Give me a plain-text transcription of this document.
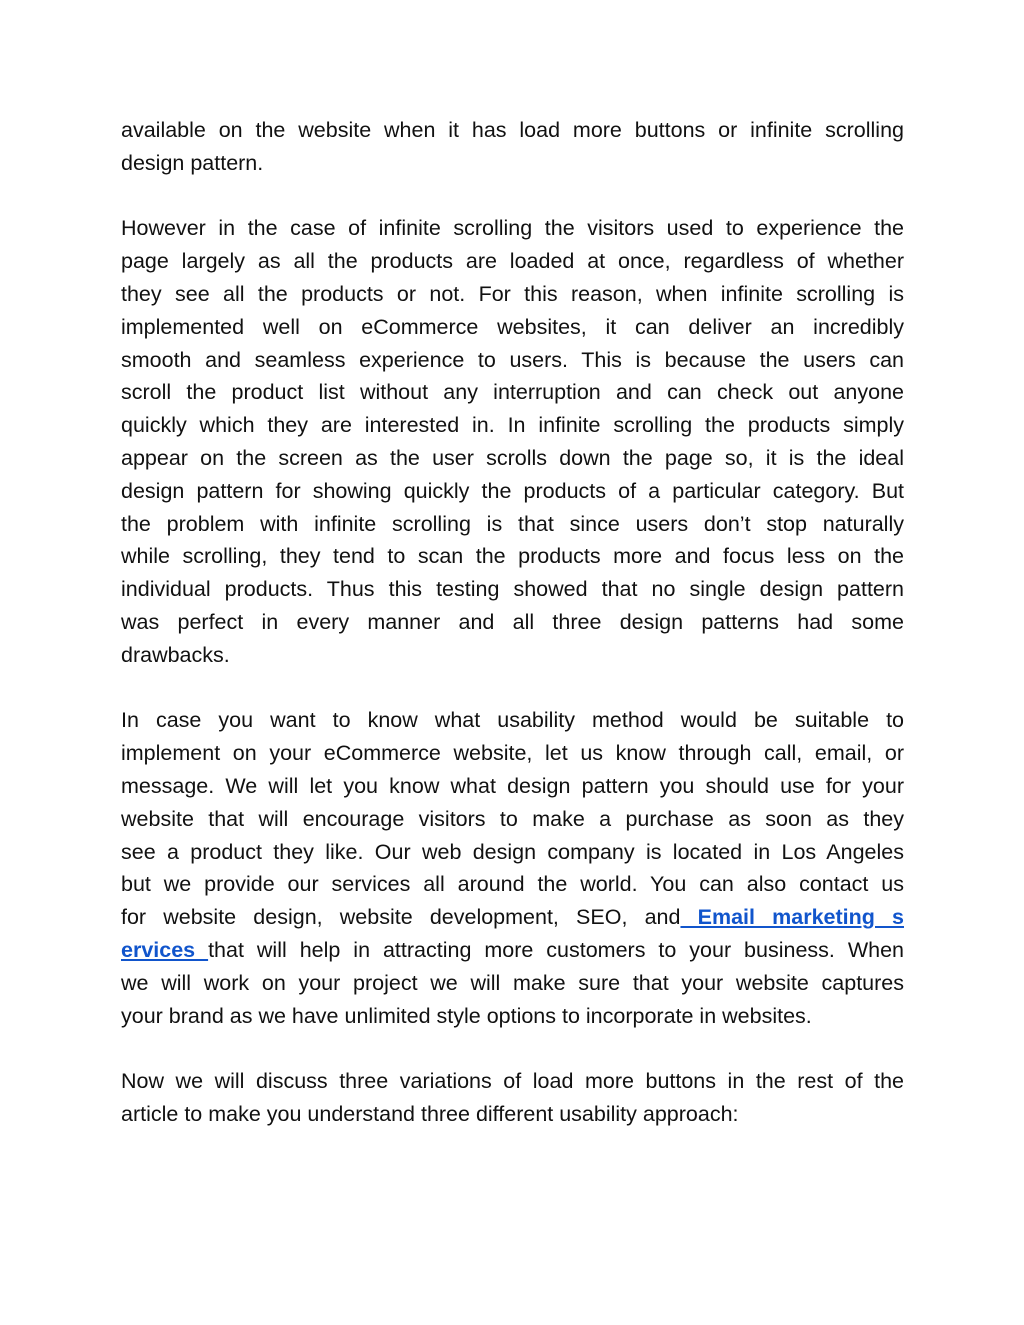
available on the website when it has load more buttons or infinite scrolling
design pattern.
However in the case of infinite scrolling the visitors used to experience the
page largely as all the products are loaded at once, regardless of whether
they see all the products or not. For this reason, when infinite scrolling is
implemented well on eCommerce websites, it can deliver an incredibly
smooth and seamless experience to users. This is because the users can
scroll the product list without any interruption and can check out anyone
quickly which they are interested in. In infinite scrolling the products simply
appear on the screen as the user scrolls down the page so, it is the ideal
design pattern for showing quickly the products of a particular category. But
the problem with infinite scrolling is that since users don’t stop naturally
while scrolling, they tend to scan the products more and focus less on the
individual products. Thus this testing showed that no single design pattern
was perfect in every manner and all three design patterns had some
drawbacks.
In case you want to know what usability method would be suitable to
implement on your eCommerce website, let us know through call, email, or
message. We will let you know what design pattern you should use for your
website that will encourage visitors to make a purchase as soon as they
see a product they like. Our web design company is located in Los Angeles
but we provide our services all around the world. You can also contact us
for website design, website development, SEO, and Email marketing s
ervices that will help in attracting more customers to your business. When
we will work on your project we will make sure that your website captures
your brand as we have unlimited style options to incorporate in websites.
Now we will discuss three variations of load more buttons in the rest of the
article to make you understand three different usability approach:
